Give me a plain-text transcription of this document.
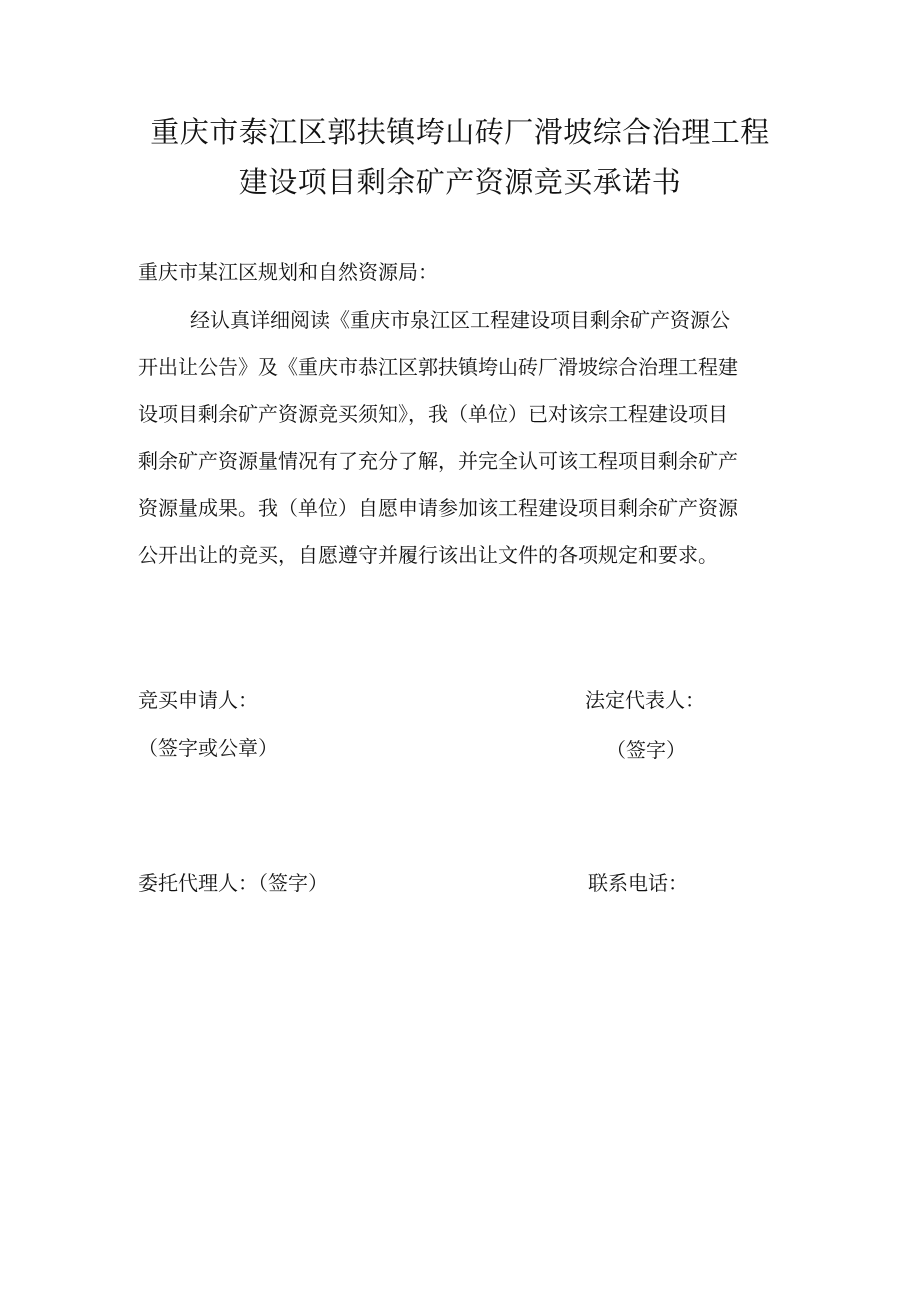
重庆市泰江区郭扶镇垮山砖厂滑坡综合治理工程
建设项目剩余矿产资源竞买承诺书
重庆市某江区规划和自然资源局：
经认真详细阅读《重庆市泉江区工程建设项目剩余矿产资源公
开出让公告》及《重庆市恭江区郭扶镇垮山砖厂滑坡综合治理工程建
设项目剩余矿产资源竞买须知》，我（单位）已对该宗工程建设项目
剩余矿产资源量情况有了充分了解，并完全认可该工程项目剩余矿产
资源量成果。我（单位）自愿申请参加该工程建设项目剩余矿产资源
公开出让的竞买，自愿遵守并履行该出让文件的各项规定和要求。
竞买申请人：
（签字或公章）
法定代表人：
（签字）
委托代理人：（签字）	联系电话：
